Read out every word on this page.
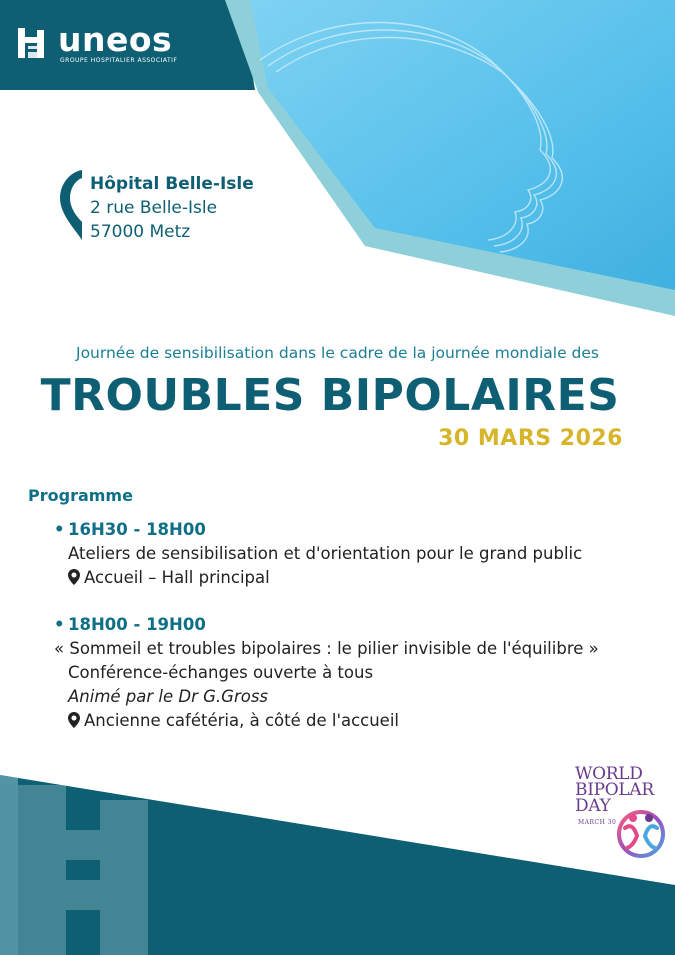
uneos
GROUPE HOSPITALIER ASSOCIATIF
Hôpital Belle-Isle
2 rue Belle-Isle
57000 Metz
Journée de sensibilisation dans le cadre de la journée mondiale des
TROUBLES BIPOLAIRES
30 MARS 2026
Programme
• 16H30 - 18H00
Ateliers de sensibilisation et d'orientation pour le grand public
Accueil – Hall principal
• 18H00 - 19H00
« Sommeil et troubles bipolaires : le pilier invisible de l'équilibre »
Conférence-échanges ouverte à tous
Animé par le Dr G.Gross
Ancienne cafétéria, à côté de l'accueil
WORLD
BIPOLAR
DAY
MARCH 30
